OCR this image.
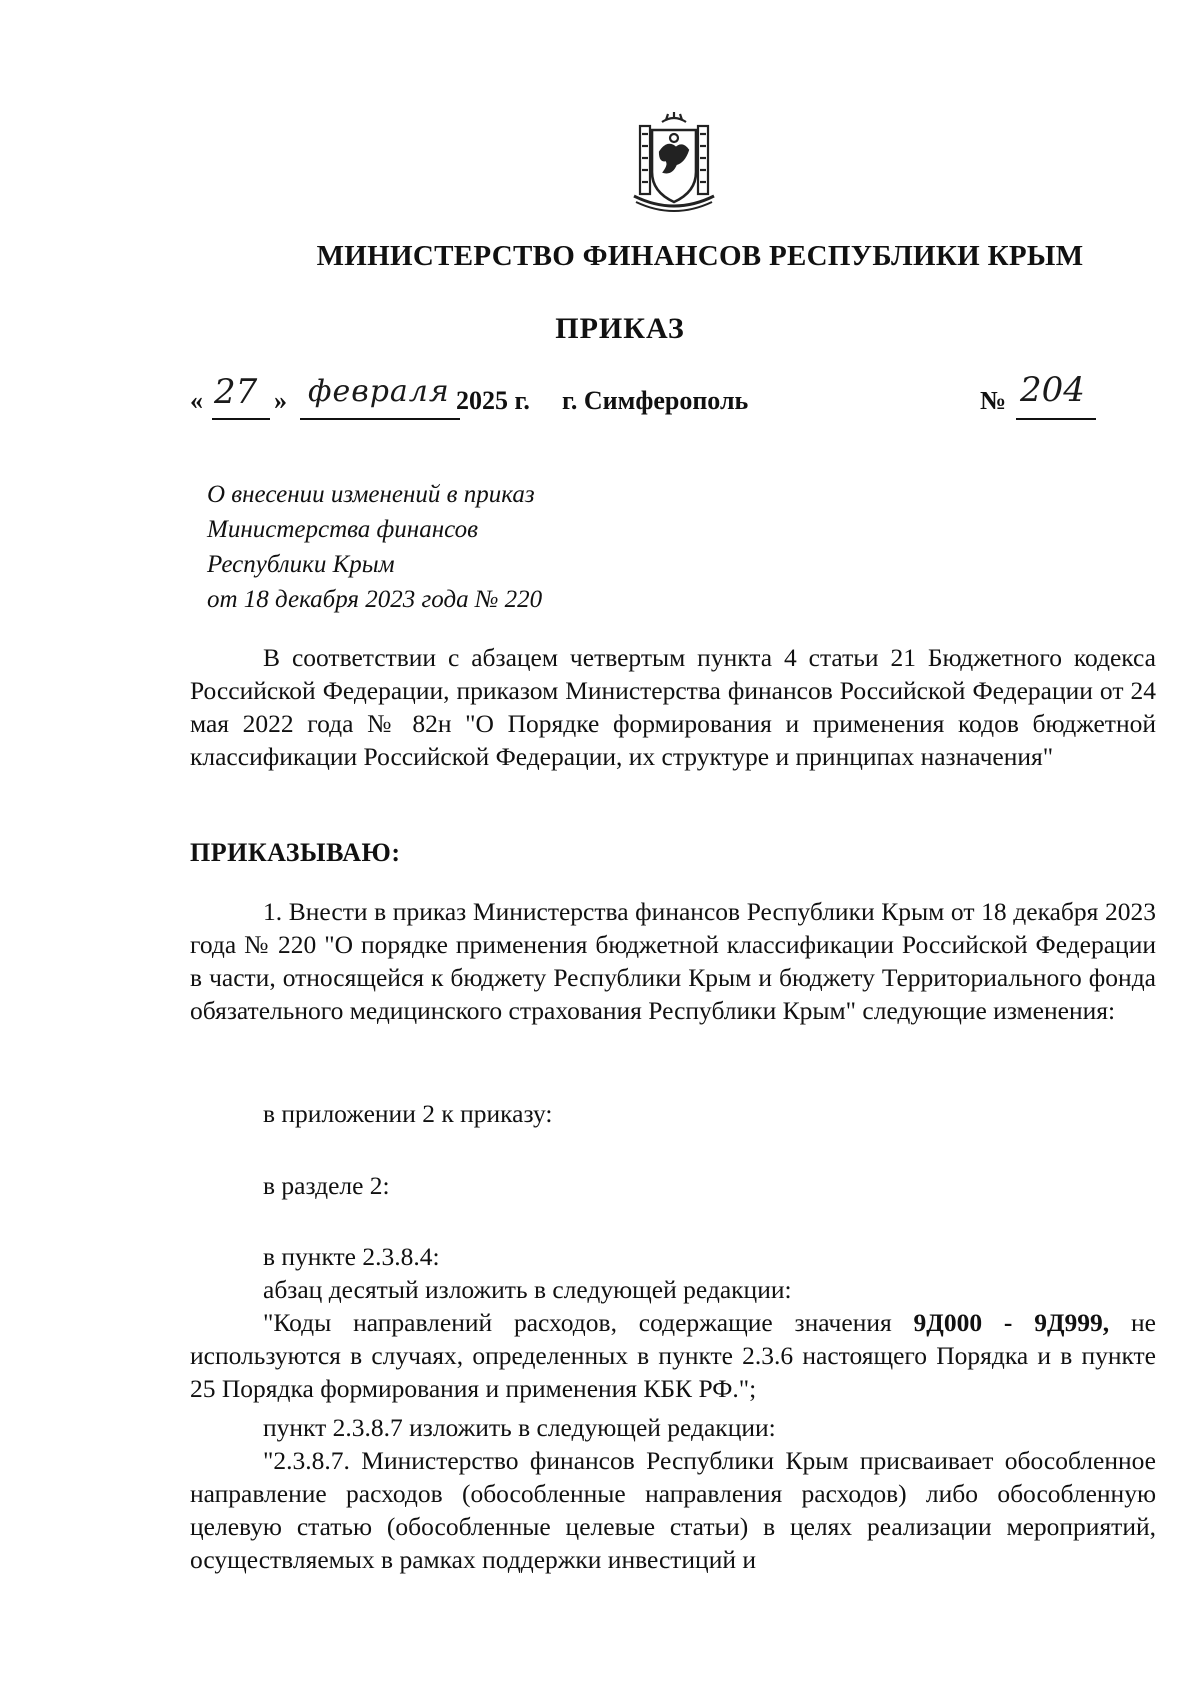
МИНИСТЕРСТВО ФИНАНСОВ РЕСПУБЛИКИ КРЫМ
ПРИКАЗ
« 27 » февраля 2025 г. г. Симферополь	№ 204
О внесении изменений в приказ
Министерства финансов
Республики Крым
от 18 декабря 2023 года № 220
В соответствии с абзацем четвертым пункта 4 статьи 21 Бюджетного кодекса Российской Федерации, приказом Министерства финансов Российской Федерации от 24 мая 2022 года № 82н "О Порядке формирования и применения кодов бюджетной классификации Российской Федерации, их структуре и принципах назначения"
ПРИКАЗЫВАЮ:
1. Внести в приказ Министерства финансов Республики Крым от 18 декабря 2023 года № 220 "О порядке применения бюджетной классификации Российской Федерации в части, относящейся к бюджету Республики Крым и бюджету Территориального фонда обязательного медицинского страхования Республики Крым" следующие изменения:
в приложении 2 к приказу:
в разделе 2:
в пункте 2.3.8.4:
абзац десятый изложить в следующей редакции:
"Коды направлений расходов, содержащие значения 9Д000 - 9Д999, не используются в случаях, определенных в пункте 2.3.6 настоящего Порядка и в пункте 25 Порядка формирования и применения КБК РФ.";
пункт 2.3.8.7 изложить в следующей редакции:
"2.3.8.7. Министерство финансов Республики Крым присваивает обособленное направление расходов (обособленные направления расходов) либо обособленную целевую статью (обособленные целевые статьи) в целях реализации мероприятий, осуществляемых в рамках поддержки инвестиций и
